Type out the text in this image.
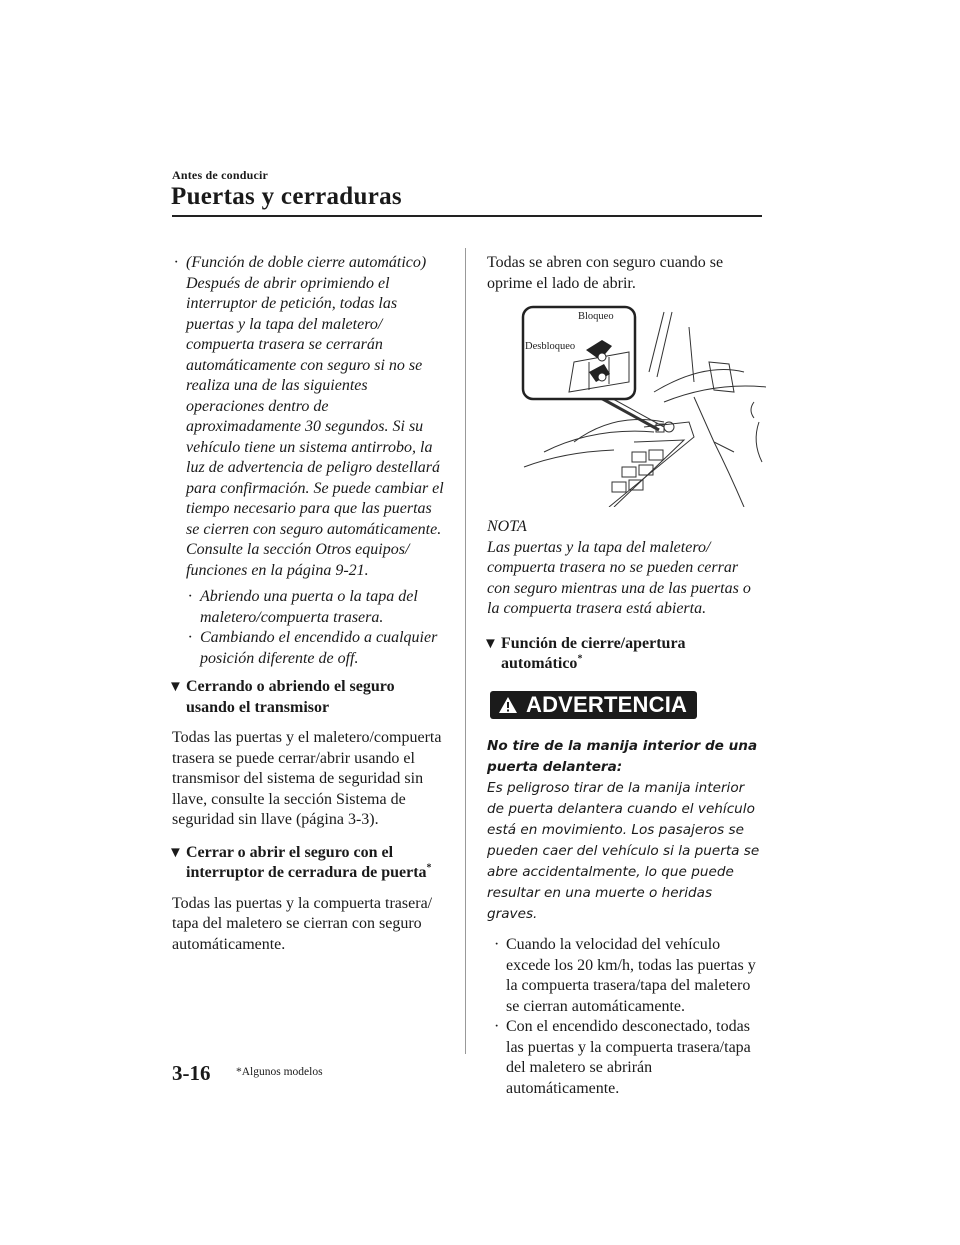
Antes de conducir
Puertas y cerraduras
· (Función de doble cierre automático)
Después de abrir oprimiendo el interruptor de petición, todas las puertas y la tapa del maletero/ compuerta trasera se cerrarán automáticamente con seguro si no se realiza una de las siguientes operaciones dentro de aproximadamente 30 segundos. Si su vehículo tiene un sistema antirrobo, la luz de advertencia de peligro destellará para confirmación. Se puede cambiar el tiempo necesario para que las puertas se cierren con seguro automáticamente. Consulte la sección Otros equipos/ funciones en la página 9-21.
· Abriendo una puerta o la tapa del maletero/compuerta trasera.
· Cambiando el encendido a cualquier posición diferente de off.
▼ Cerrando o abriendo el seguro usando el transmisor
Todas las puertas y el maletero/compuerta trasera se puede cerrar/abrir usando el transmisor del sistema de seguridad sin llave, consulte la sección Sistema de seguridad sin llave (página 3-3).
▼ Cerrar o abrir el seguro con el interruptor de cerradura de puerta*
Todas las puertas y la compuerta trasera/ tapa del maletero se cierran con seguro automáticamente.
Todas se abren con seguro cuando se oprime el lado de abrir.
Bloqueo
Desbloqueo
NOTA
Las puertas y la tapa del maletero/ compuerta trasera no se pueden cerrar con seguro mientras una de las puertas o la compuerta trasera está abierta.
▼ Función de cierre/apertura automático*
ADVERTENCIA
No tire de la manija interior de una puerta delantera:
Es peligroso tirar de la manija interior de puerta delantera cuando el vehículo está en movimiento. Los pasajeros se pueden caer del vehículo si la puerta se abre accidentalmente, lo que puede resultar en una muerte o heridas graves.
· Cuando la velocidad del vehículo excede los 20 km/h, todas las puertas y la compuerta trasera/tapa del maletero se cierran automáticamente.
· Con el encendido desconectado, todas las puertas y la compuerta trasera/tapa del maletero se abrirán automáticamente.
3-16 *Algunos modelos
